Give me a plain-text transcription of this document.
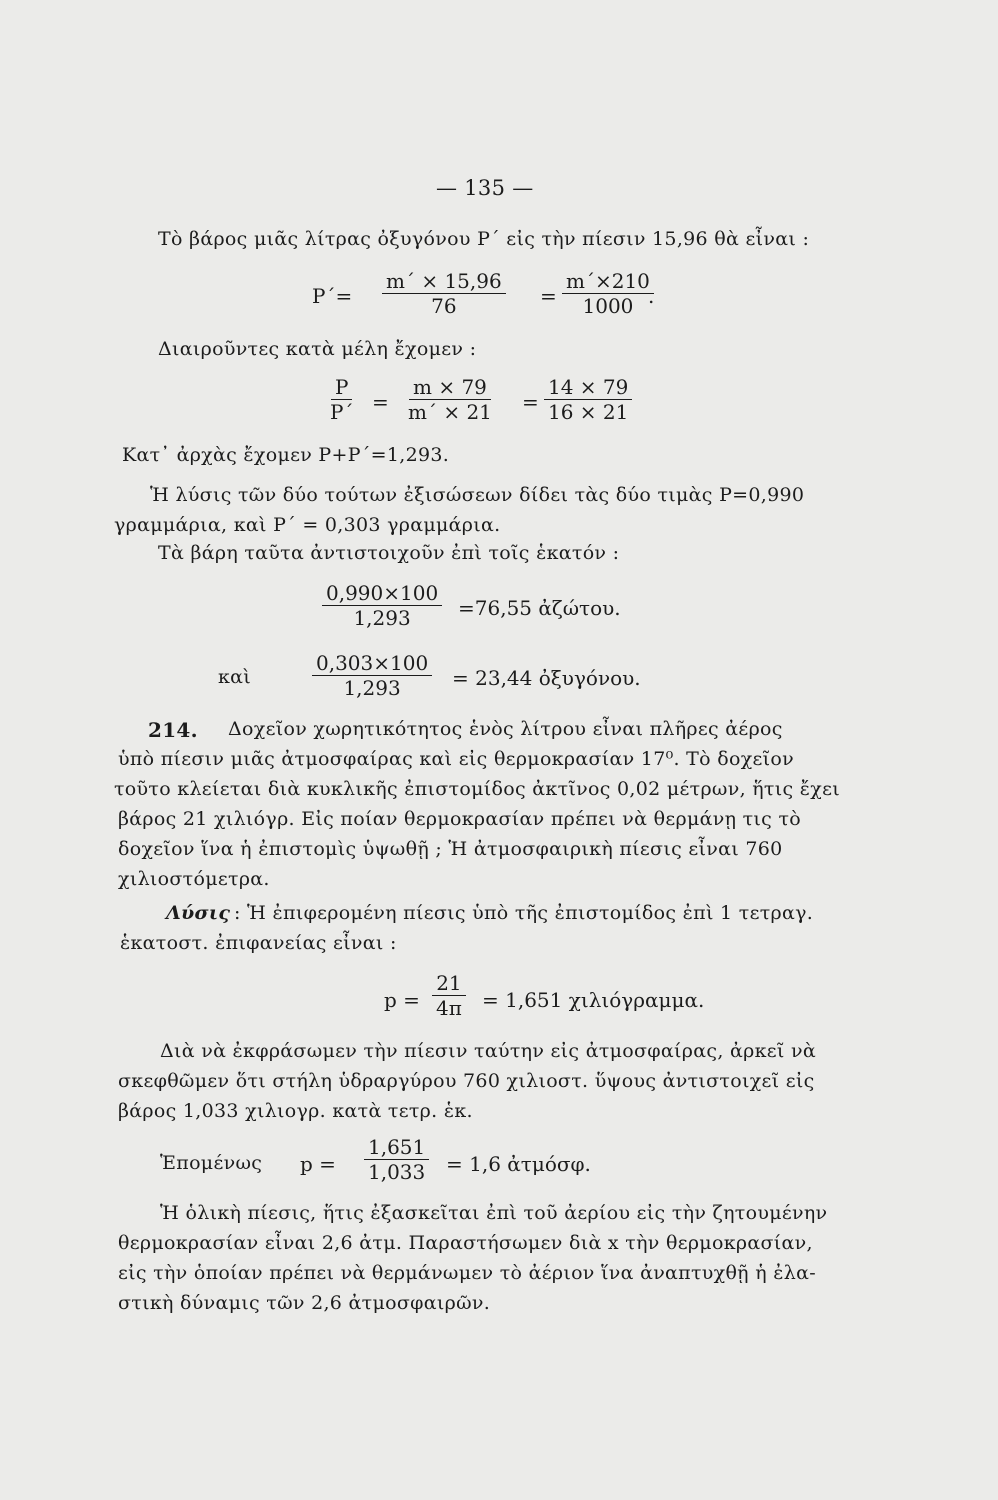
— 135 —
Τὸ βάρος μιᾶς λίτρας ὀξυγόνου P΄ εἰς τὴν πίεσιν 15,96 θὰ εἶναι :
$P΄= \frac{m΄ \times 15,96}{76} = \frac{m΄\times 210}{1000}$
.
Διαιροῦντες κατὰ μέλη ἔχομεν :
$\frac{P}{P΄} = \frac{m \times 79}{m΄ \times 21} = \frac{14 \times 79}{16 \times 21}$
Κατ᾽ ἀρχὰς ἔχομεν P+P΄=1,293.
Ἡ λύσις τῶν δύο τούτων ἐξισώσεων δίδει τὰς δύο τιμὰς P=0,990
γραμμάρια, καὶ P΄ = 0,303 γραμμάρια.
Τὰ βάρη ταῦτα ἀντιστοιχοῦν ἐπὶ τοῖς ἑκατόν :
$\frac{0,990\times 100}{1,293} =76,55$ ἀζώτου.
καὶ	$\frac{0,303\times 100}{1,293} = 23,44$ ὀξυγόνου.
214. Δοχεῖον χωρητικότητος ἑνὸς λίτρου εἶναι πλῆρες ἀέρος
ὑπὸ πίεσιν μιᾶς ἀτμοσφαίρας καὶ εἰς θερμοκρασίαν 17⁰. Τὸ δοχεῖον
τοῦτο κλείεται διὰ κυκλικῆς ἐπιστομίδος ἀκτῖνος 0,02 μέτρων, ἥτις ἔχει
βάρος 21 χιλιόγρ. Εἰς ποίαν θερμοκρασίαν πρέπει νὰ θερμάνῃ τις τὸ
δοχεῖον ἵνα ἡ ἐπιστομὶς ὑψωθῇ ; Ἡ ἀτμοσφαιρικὴ πίεσις εἶναι 760
χιλιοστόμετρα.
Λύσις : Ἡ ἐπιφερομένη πίεσις ὑπὸ τῆς ἐπιστομίδος ἐπὶ 1 τετραγ.
ἑκατοστ. ἐπιφανείας εἶναι :
$p = \frac{21}{4\pi} = 1,651$ χιλιόγραμμα.
Διὰ νὰ ἐκφράσωμεν τὴν πίεσιν ταύτην εἰς ἀτμοσφαίρας, ἀρκεῖ νὰ
σκεφθῶμεν ὅτι στήλη ὑδραργύρου 760 χιλιοστ. ὕψους ἀντιστοιχεῖ εἰς
βάρος 1,033 χιλιογρ. κατὰ τετρ. ἑκ.
Ἑπομένως $p = \frac{1,651}{1,033} = 1,6$ ἀτμόσφ.
Ἡ ὁλικὴ πίεσις, ἥτις ἐξασκεῖται ἐπὶ τοῦ ἀερίου εἰς τὴν ζητουμένην
θερμοκρασίαν εἶναι 2,6 ἀτμ. Παραστήσωμεν διὰ x τὴν θερμοκρασίαν,
εἰς τὴν ὁποίαν πρέπει νὰ θερμάνωμεν τὸ ἀέριον ἵνα ἀναπτυχθῇ ἡ ἐλα-
στικὴ δύναμις τῶν 2,6 ἀτμοσφαιρῶν.
